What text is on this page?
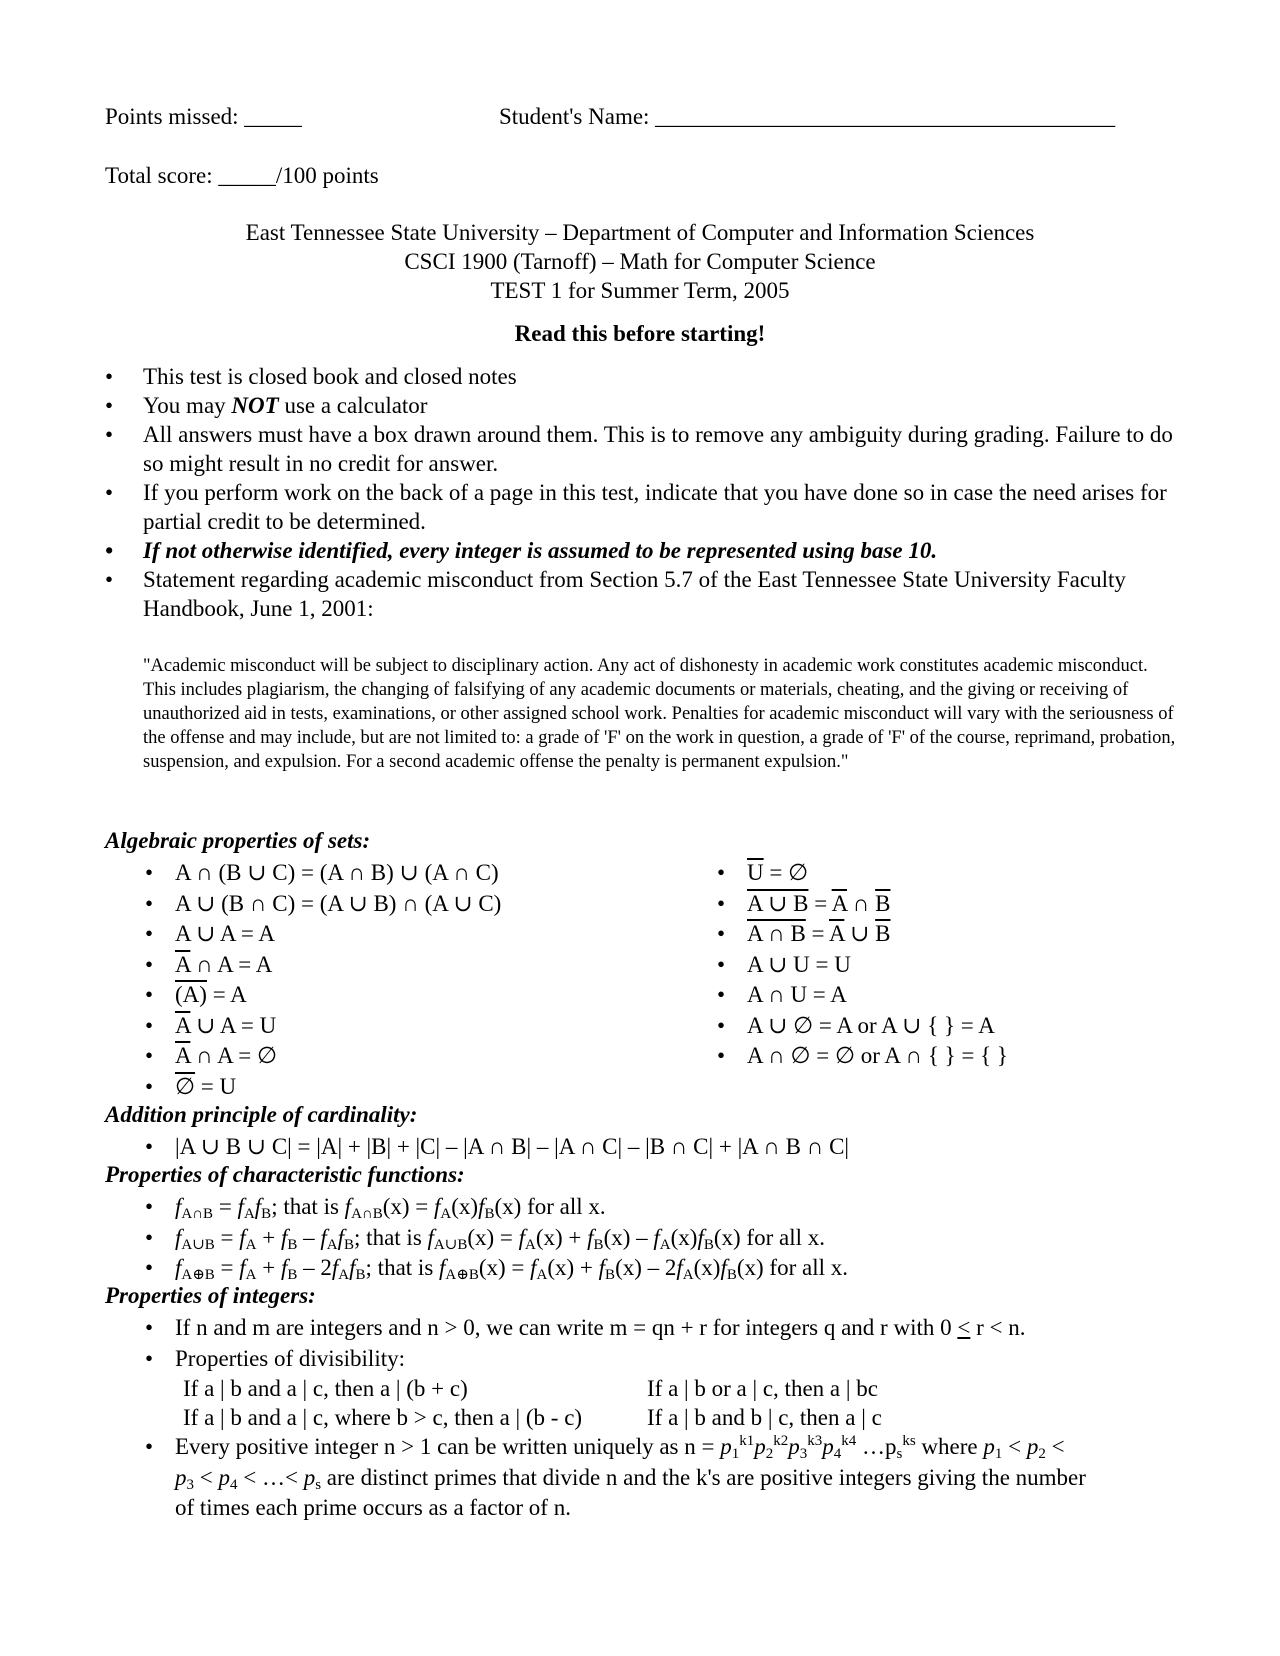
Points missed: _____	Student's Name: ________________________________________
Total score: _____/100 points
East Tennessee State University – Department of Computer and Information Sciences
CSCI 1900 (Tarnoff) – Math for Computer Science
TEST 1 for Summer Term, 2005
Read this before starting!
• This test is closed book and closed notes
• You may NOT use a calculator
• All answers must have a box drawn around them. This is to remove any ambiguity during grading. Failure to do so might result in no credit for answer.
• If you perform work on the back of a page in this test, indicate that you have done so in case the need arises for partial credit to be determined.
• If not otherwise identified, every integer is assumed to be represented using base 10.
• Statement regarding academic misconduct from Section 5.7 of the East Tennessee State University Faculty Handbook, June 1, 2001:
"Academic misconduct will be subject to disciplinary action. Any act of dishonesty in academic work constitutes academic misconduct. This includes plagiarism, the changing of falsifying of any academic documents or materials, cheating, and the giving or receiving of unauthorized aid in tests, examinations, or other assigned school work. Penalties for academic misconduct will vary with the seriousness of the offense and may include, but are not limited to: a grade of 'F' on the work in question, a grade of 'F' of the course, reprimand, probation, suspension, and expulsion. For a second academic offense the penalty is permanent expulsion."
Algebraic properties of sets:
• A ∩ (B ∪ C) = (A ∩ B) ∪ (A ∩ C)
• A ∪ (B ∩ C) = (A ∪ B) ∩ (A ∪ C)
• A ∪ A = A
• $\overline{A}$ ∩ A = A
• (A) = A
• $\overline{A}$ ∪ A = U
• $\overline{A}$ ∩ A = ∅
• ∅ = U
• $\overline{U}$ = ∅
• A ∪ $B = \overline{A}$ ∩ $\overline{B}$
• A ∩ $B = \overline{A}$ ∪ $\overline{B}$
• A ∪ U = U
• A ∩ U = A
• A ∪ ∅ = A or A ∪ { } = A
• A ∩ ∅ = ∅ or A ∩ { } = { }
Addition principle of cardinality:
• |A ∪ B ∪ C| = |A| + |B| + |C| – |A ∩ B| – |A ∩ C| – |B ∩ C| + |A ∩ B ∩ C|
Properties of characteristic functions:
• $f_{A\cap B} = f_Af_B$; that is $f_{A\cap B}(x) = f_A(x)f_B(x)$ for all x.
• $f_{A\cup B} = f_A + f_B - f_Af_B$; that is $f_{A\cup B}(x) = f_A(x) + f_B(x) - f_A(x)f_B(x)$ for all x.
• $f_{A\oplus B} = f_A + f_B - 2f_Af_B$; that is $f_{A\oplus B}(x) = f_A(x) + f_B(x) - 2f_A(x)f_B(x)$ for all x.
Properties of integers:
• If n and m are integers and n > 0, we can write m = qn + r for integers q and r with 0 < r < n.
• Properties of divisibility:
If a | b and a | c, then a | (b + c)	If a | b or a | c, then a | bc
If a | b and a | c, where b > c, then a | (b - c)	If a | b and b | c, then a | c
• Every positive integer n > 1 can be written uniquely as $n = p_1^{k1}p_2^{k2}p_3^{k3}p_4^{k4}$ $\dots p_s^{ks}$ where $p_1 < p_2$ <
$p_3 < p_4$ < …< $p_s$ are distinct primes that divide n and the k's are positive integers giving the number
of times each prime occurs as a factor of n.
